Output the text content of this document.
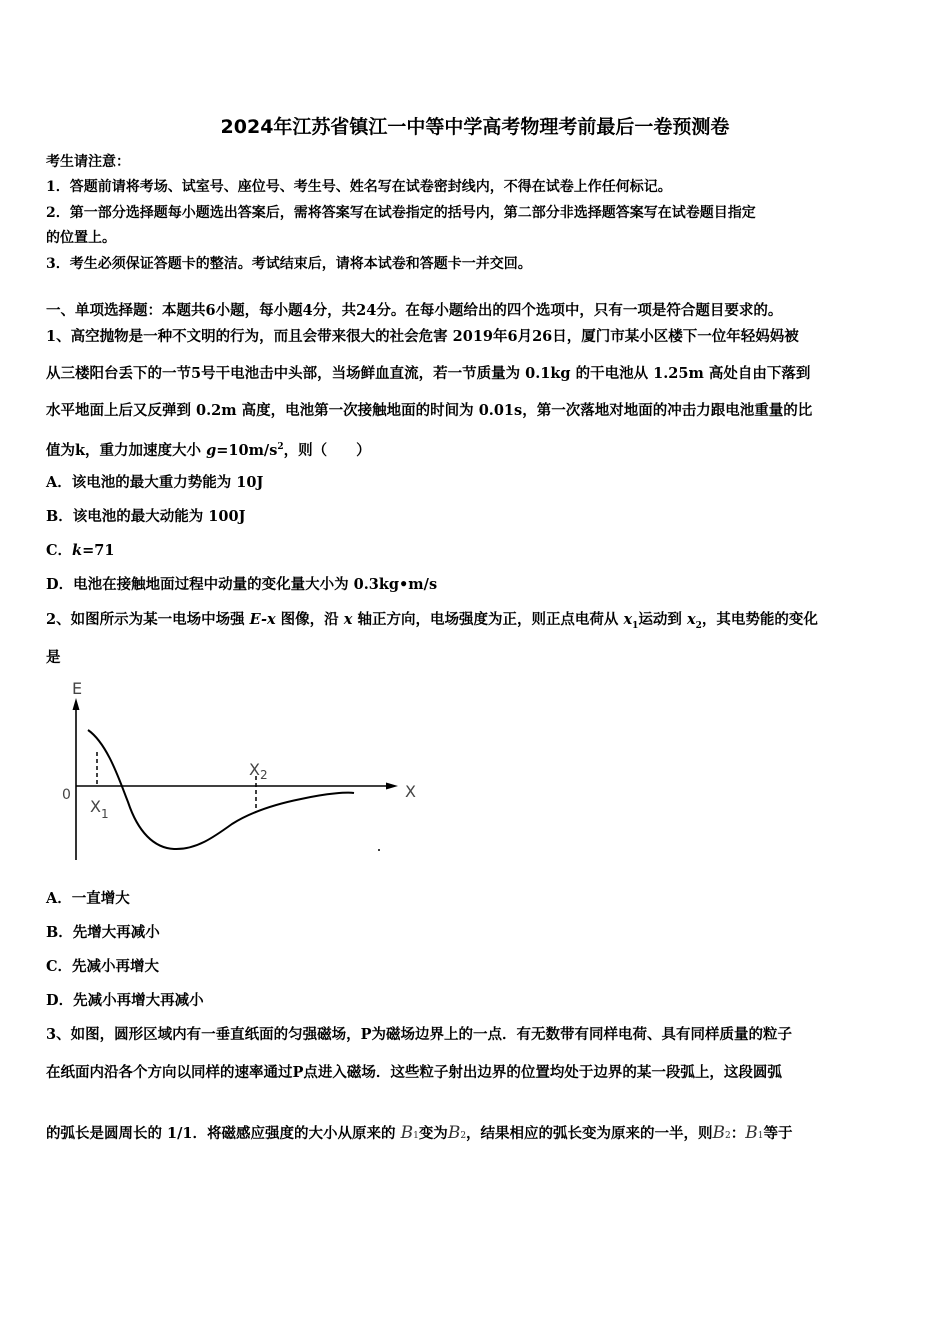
2024年江苏省镇江一中等中学高考物理考前最后一卷预测卷
考生请注意：
1．答题前请将考场、试室号、座位号、考生号、姓名写在试卷密封线内，不得在试卷上作任何标记。
2．第一部分选择题每小题选出答案后，需将答案写在试卷指定的括号内，第二部分非选择题答案写在试卷题目指定
的位置上。
3．考生必须保证答题卡的整洁。考试结束后，请将本试卷和答题卡一并交回。
一、单项选择题：本题共6小题，每小题4分，共24分。在每小题给出的四个选项中，只有一项是符合题目要求的。
1、高空抛物是一种不文明的行为，而且会带来很大的社会危害 2019年6月26日，厦门市某小区楼下一位年轻妈妈被
从三楼阳台丢下的一节5号干电池击中头部，当场鲜血直流，若一节质量为 0.1kg 的干电池从 1.25m 高处自由下落到
水平地面上后又反弹到 0.2m 高度，电池第一次接触地面的时间为 0.01s，第一次落地对地面的冲击力跟电池重量的比
值为k，重力加速度大小 $g=10m/s^2$，则（　　）
A．该电池的最大重力势能为 10J
B．该电池的最大动能为 100J
C．k=71
D．电池在接触地面过程中动量的变化量大小为 0.3kg•m/s
2、如图所示为某一电场中场强 E-x 图像，沿 x 轴正方向，电场强度为正，则正点电荷从 $x_1$运动到 $x_2$，其电势能的变化
是
E
0	X
$X_1$
$X_2$
A．一直增大
B．先增大再减小
C．先减小再增大
D．先减小再增大再减小
3、如图，圆形区域内有一垂直纸面的匀强磁场，P为磁场边界上的一点．有无数带有同样电荷、具有同样质量的粒子
在纸面内沿各个方向以同样的速率通过P点进入磁场．这些粒子射出边界的位置均处于边界的某一段弧上，这段圆弧
的弧长是圆周长的 1/1．将磁感应强度的大小从原来的 B1变为B2，结果相应的弧长变为原来的一半，则B2：B1等于
